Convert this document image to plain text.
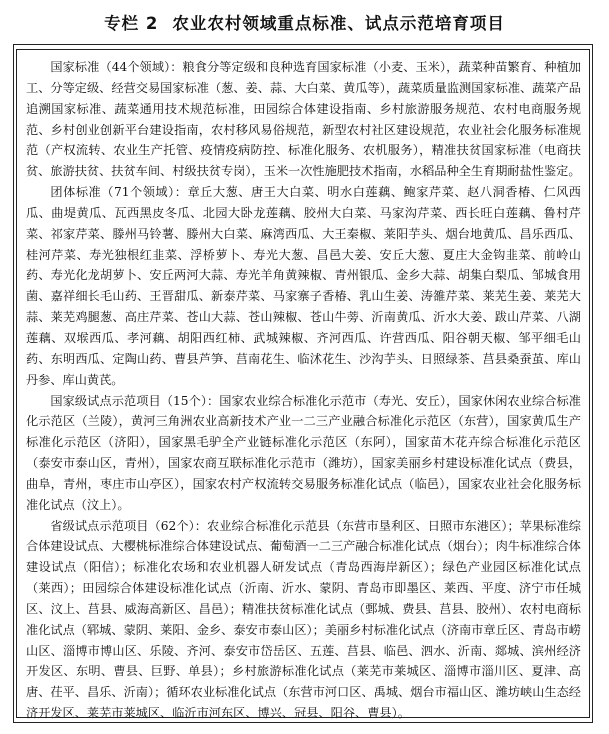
专栏 2 农业农村领域重点标准、试点示范培育项目

国家标准（44个领域）：粮食分等定级和良种选育国家标准（小麦、玉米），蔬菜种苗繁育、种植加工、分等定级、经营交易国家标准（葱、姜、蒜、大白菜、黄瓜等），蔬菜质量监测国家标准、蔬菜产品追溯国家标准、蔬菜通用技术规范标准，田园综合体建设指南、乡村旅游服务规范、农村电商服务规范、乡村创业创新平台建设指南，农村移风易俗规范，新型农村社区建设规范，农业社会化服务标准规范（产权流转、农业生产托管、疫情疫病防控、标准化服务、农机服务），精准扶贫国家标准（电商扶贫、旅游扶贫、扶贫车间、村级扶贫专岗），玉米一次性施肥技术指南，水稻品种全生育期耐盐性鉴定。

团体标准（71个领域）：章丘大葱、唐王大白菜、明水白莲藕、鲍家芹菜、赵八洞香椿、仁风西瓜、曲堤黄瓜、瓦西黑皮冬瓜、北园大卧龙莲藕、胶州大白菜、马家沟芹菜、西长旺白莲藕、鲁村芹菜、祁家芹菜、滕州马铃薯、滕州大白菜、麻湾西瓜、大王秦椒、莱阳芋头、烟台地黄瓜、昌乐西瓜、桂河芹菜、寿光独根红韭菜、浮桥萝卜、寿光大葱、昌邑大姜、安丘大葱、夏庄大金钩韭菜、前岭山药、寿光化龙胡萝卜、安丘两河大蒜、寿光羊角黄辣椒、青州银瓜、金乡大蒜、胡集白梨瓜、邹城食用菌、嘉祥细长毛山药、王晋甜瓜、新泰芹菜、马家寨子香椿、乳山生姜、涛雒芹菜、莱芜生姜、莱芜大蒜、莱芜鸡腿葱、高庄芹菜、苍山大蒜、苍山辣椒、苍山牛蒡、沂南黄瓜、沂水大姜、跋山芹菜、八湖莲藕、双堠西瓜、孝河藕、胡阳西红柿、武城辣椒、齐河西瓜、许营西瓜、阳谷朝天椒、邹平细毛山药、东明西瓜、定陶山药、曹县芦笋、莒南花生、临沭花生、沙沟芋头、日照绿茶、莒县桑蚕茧、库山丹参、库山黄芪。

国家级试点示范项目（15个）：国家农业综合标准化示范市（寿光、安丘），国家休闲农业综合标准化示范区（兰陵），黄河三角洲农业高新技术产业一二三产业融合标准化示范区（东营），国家黄瓜生产标准化示范区（济阳），国家黑毛驴全产业链标准化示范区（东阿），国家苗木花卉综合标准化示范区（泰安市泰山区，青州），国家农商互联标准化示范市（潍坊），国家美丽乡村建设标准化试点（费县，曲阜，青州，枣庄市山亭区），国家农村产权流转交易服务标准化试点（临邑），国家农业社会化服务标准化试点（汶上）。

省级试点示范项目（62个）：农业综合标准化示范县（东营市垦利区、日照市东港区）；苹果标准综合体建设试点、大樱桃标准综合体建设试点、葡萄酒一二三产融合标准化试点（烟台）；肉牛标准综合体建设试点（阳信）；标准化农场和农业机器人研发试点（青岛西海岸新区）；绿色产业园区标准化试点（莱西）；田园综合体建设标准化试点（沂南、沂水、蒙阴、青岛市即墨区、莱西、平度、济宁市任城区、汶上、莒县、威海高新区、昌邑）；精准扶贫标准化试点（鄄城、费县、莒县、胶州）、农村电商标准化试点（郓城、蒙阴、莱阳、金乡、泰安市泰山区）；美丽乡村标准化试点（济南市章丘区、青岛市崂山区、淄博市博山区、乐陵、齐河、泰安市岱岳区、五莲、莒县、临邑、泗水、沂南、郯城、滨州经济开发区、东明、曹县、巨野、单县）；乡村旅游标准化试点（莱芜市莱城区、淄博市淄川区、夏津、高唐、茌平、昌乐、沂南）；循环农业标准化试点（东营市河口区、禹城、烟台市福山区、潍坊峡山生态经济开发区、莱芜市莱城区、临沂市河东区、博兴、冠县、阳谷、曹县）。
